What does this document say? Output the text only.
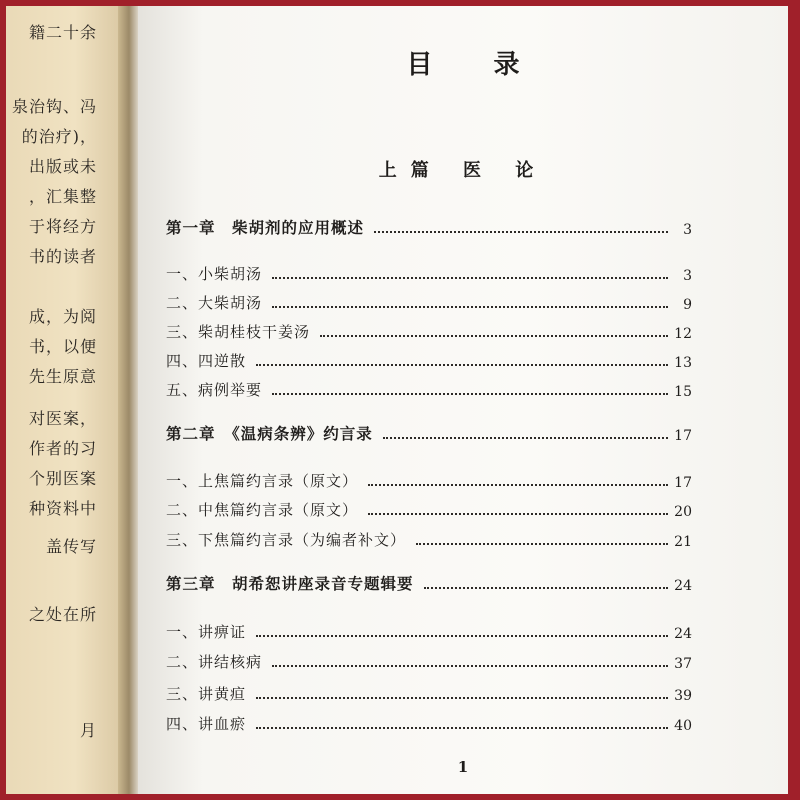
籍二十余
泉治钩、冯
的治疗)，
出版或未
，汇集整
于将经方
书的读者
成，为阅
书，以便
先生原意
对医案，
作者的习
个别医案
种资料中
盖传写
之处在所
月
目 录
上篇 医 论
第一章　柴胡剂的应用概述	3
一、小柴胡汤	3
二、大柴胡汤	9
三、柴胡桂枝干姜汤	12
四、四逆散	13
五、病例举要	15
第二章　《温病条辨》约言录	17
一、上焦篇约言录（原文）	17
二、中焦篇约言录（原文）	20
三、下焦篇约言录（为编者补文）	21
第三章　胡希恕讲座录音专题辑要	24
一、讲痹证	24
二、讲结核病	37
三、讲黄疸	39
四、讲血瘀	40
1
